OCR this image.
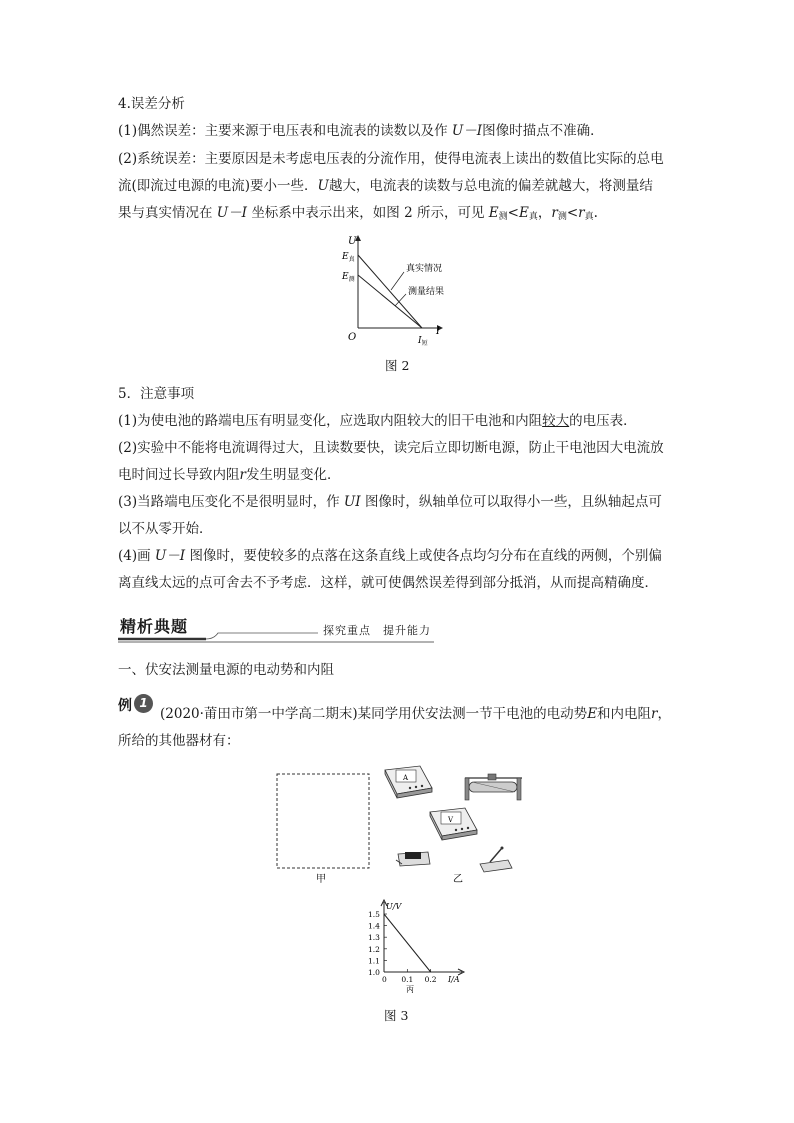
4.误差分析
(1)偶然误差：主要来源于电压表和电流表的读数以及作 U－I图像时描点不准确．
(2)系统误差：主要原因是未考虑电压表的分流作用，使得电流表上读出的数值比实际的总电
流(即流过电源的电流)要小一些．U越大，电流表的读数与总电流的偏差就越大，将测量结
果与真实情况在 U－I 坐标系中表示出来，如图 2 所示，可见 $E_测<E_真$，$r_测<r_真$.
U
I
O
$E_真$
$E_测$
$I_短$
真实情况
测量结果
图 2
5．注意事项
(1)为使电池的路端电压有明显变化，应选取内阻较大的旧干电池和内阻较大的电压表．
(2)实验中不能将电流调得过大，且读数要快，读完后立即切断电源，防止干电池因大电流放
电时间过长导致内阻r发生明显变化．
(3)当路端电压变化不是很明显时，作 UI 图像时，纵轴单位可以取得小一些，且纵轴起点可
以不从零开始．
(4)画 U－I 图像时，要使较多的点落在这条直线上或使各点均匀分布在直线的两侧，个别偏
离直线太远的点可舍去不予考虑．这样，就可使偶然误差得到部分抵消，从而提高精确度．
精析典题	探究重点　提升能力
一、伏安法测量电源的电动势和内阻
例 1
(2020·莆田市第一中学高二期末)某同学用伏安法测一节干电池的电动势E和内电阻r，
所给的其他器材有：
甲
A
V
乙
1.0
1.1
1.2
1.3
1.4
1.5
0 0.1 0.2
U/V
I/A
丙
图 3
